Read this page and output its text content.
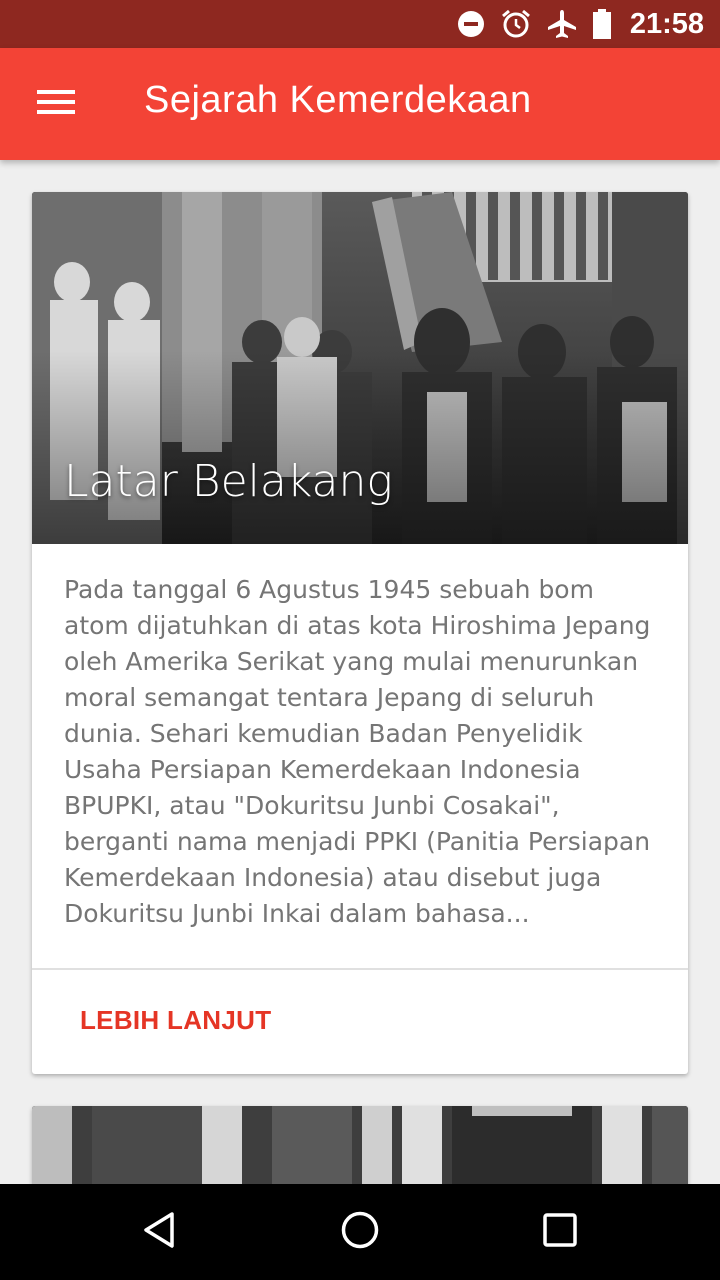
21:58
Sejarah Kemerdekaan
Latar Belakang
Pada tanggal 6 Agustus 1945 sebuah bom atom dijatuhkan di atas kota Hiroshima Jepang oleh Amerika Serikat yang mulai menurunkan moral semangat tentara Jepang di seluruh dunia. Sehari kemudian Badan Penyelidik Usaha Persiapan Kemerdekaan Indonesia BPUPKI, atau "Dokuritsu Junbi Cosakai", berganti nama menjadi PPKI (Panitia Persiapan Kemerdekaan Indonesia) atau disebut juga Dokuritsu Junbi Inkai dalam bahasa...
LEBIH LANJUT
